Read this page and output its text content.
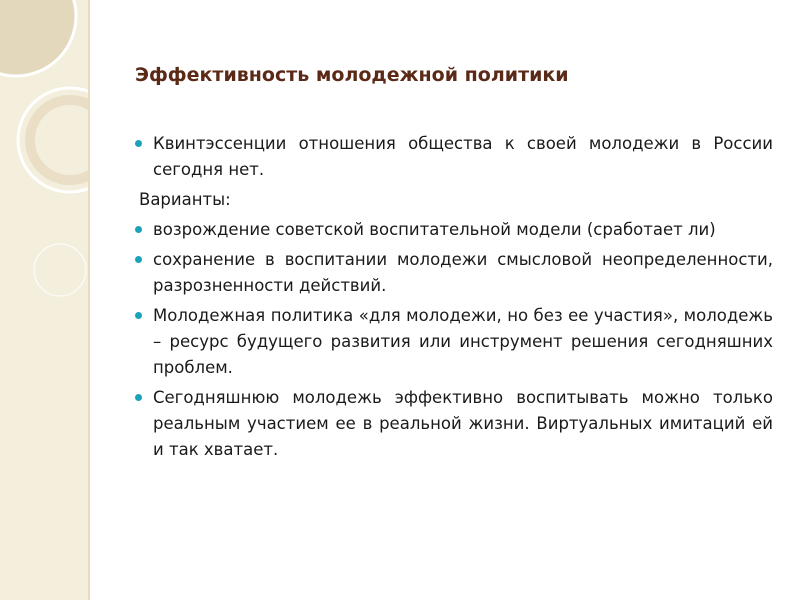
Эффективность молодежной политики
Квинтэссенции отношения общества к своей молодежи в России сегодня нет.
Варианты:
возрождение советской воспитательной модели (сработает ли)
сохранение в воспитании молодежи смысловой неопределенности, разрозненности действий.
Молодежная политика «для молодежи, но без ее участия», молодежь – ресурс будущего развития или инструмент решения сегодняшних проблем.
Сегодняшнюю молодежь эффективно воспитывать можно только реальным участием ее в реальной жизни. Виртуальных имитаций ей и так хватает.
